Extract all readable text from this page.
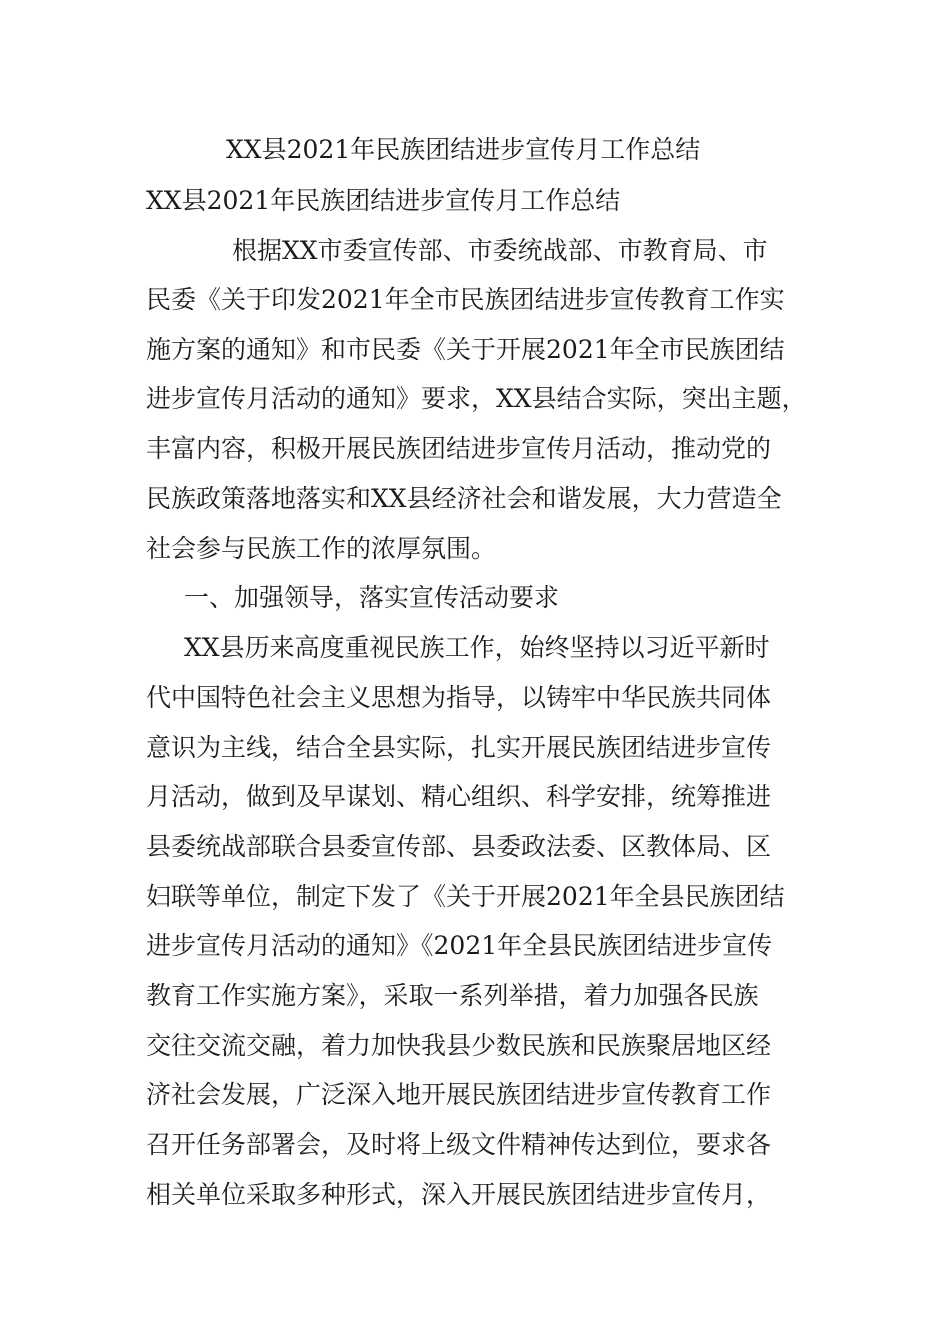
XX县2021年民族团结进步宣传月工作总结
XX县2021年民族团结进步宣传月工作总结
根据XX市委宣传部、市委统战部、市教育局、市
民委《关于印发2021年全市民族团结进步宣传教育工作实
施方案的通知》和市民委《关于开展2021年全市民族团结
进步宣传月活动的通知》要求，XX县结合实际，突出主题，
丰富内容，积极开展民族团结进步宣传月活动，推动党的
民族政策落地落实和XX县经济社会和谐发展，大力营造全
社会参与民族工作的浓厚氛围。
一、加强领导，落实宣传活动要求
XX县历来高度重视民族工作，始终坚持以习近平新时
代中国特色社会主义思想为指导，以铸牢中华民族共同体
意识为主线，结合全县实际，扎实开展民族团结进步宣传
月活动，做到及早谋划、精心组织、科学安排，统筹推进
县委统战部联合县委宣传部、县委政法委、区教体局、区
妇联等单位，制定下发了《关于开展2021年全县民族团结
进步宣传月活动的通知》《2021年全县民族团结进步宣传
教育工作实施方案》，采取一系列举措，着力加强各民族
交往交流交融，着力加快我县少数民族和民族聚居地区经
济社会发展，广泛深入地开展民族团结进步宣传教育工作
召开任务部署会，及时将上级文件精神传达到位，要求各
相关单位采取多种形式，深入开展民族团结进步宣传月，
